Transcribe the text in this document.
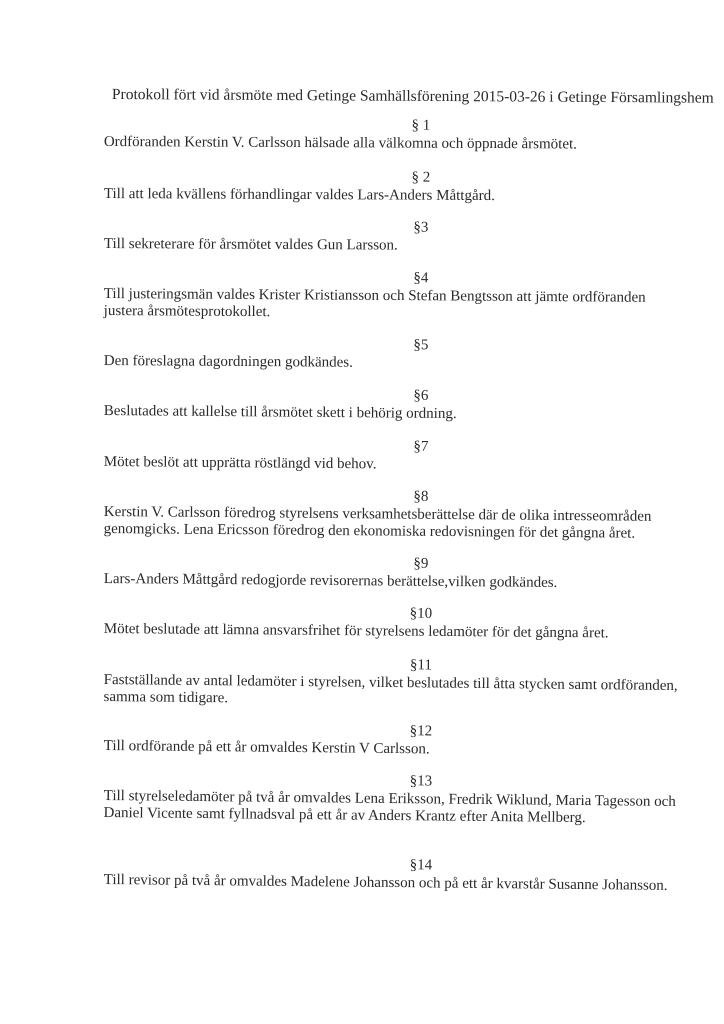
Protokoll fört vid årsmöte med Getinge Samhällsförening 2015-03-26 i Getinge Församlingshem
§ 1
Ordföranden Kerstin V. Carlsson hälsade alla välkomna och öppnade årsmötet.
§ 2
Till att leda kvällens förhandlingar valdes Lars-Anders Måttgård.
§3
Till sekreterare för årsmötet valdes Gun Larsson.
§4
Till justeringsmän valdes Krister Kristiansson och Stefan Bengtsson att jämte ordföranden
justera årsmötesprotokollet.
§5
Den föreslagna dagordningen godkändes.
§6
Beslutades att kallelse till årsmötet skett i behörig ordning.
§7
Mötet beslöt att upprätta röstlängd vid behov.
§8
Kerstin V. Carlsson föredrog styrelsens verksamhetsberättelse där de olika intresseområden
genomgicks. Lena Ericsson föredrog den ekonomiska redovisningen för det gångna året.
§9
Lars-Anders Måttgård redogjorde revisorernas berättelse,vilken godkändes.
§10
Mötet beslutade att lämna ansvarsfrihet för styrelsens ledamöter för det gångna året.
§11
Fastställande av antal ledamöter i styrelsen, vilket beslutades till åtta stycken samt ordföranden,
samma som tidigare.
§12
Till ordförande på ett år omvaldes Kerstin V Carlsson.
§13
Till styrelseledamöter på två år omvaldes Lena Eriksson, Fredrik Wiklund, Maria Tagesson och
Daniel Vicente samt fyllnadsval på ett år av Anders Krantz efter Anita Mellberg.
§14
Till revisor på två år omvaldes Madelene Johansson och på ett år kvarstår Susanne Johansson.
